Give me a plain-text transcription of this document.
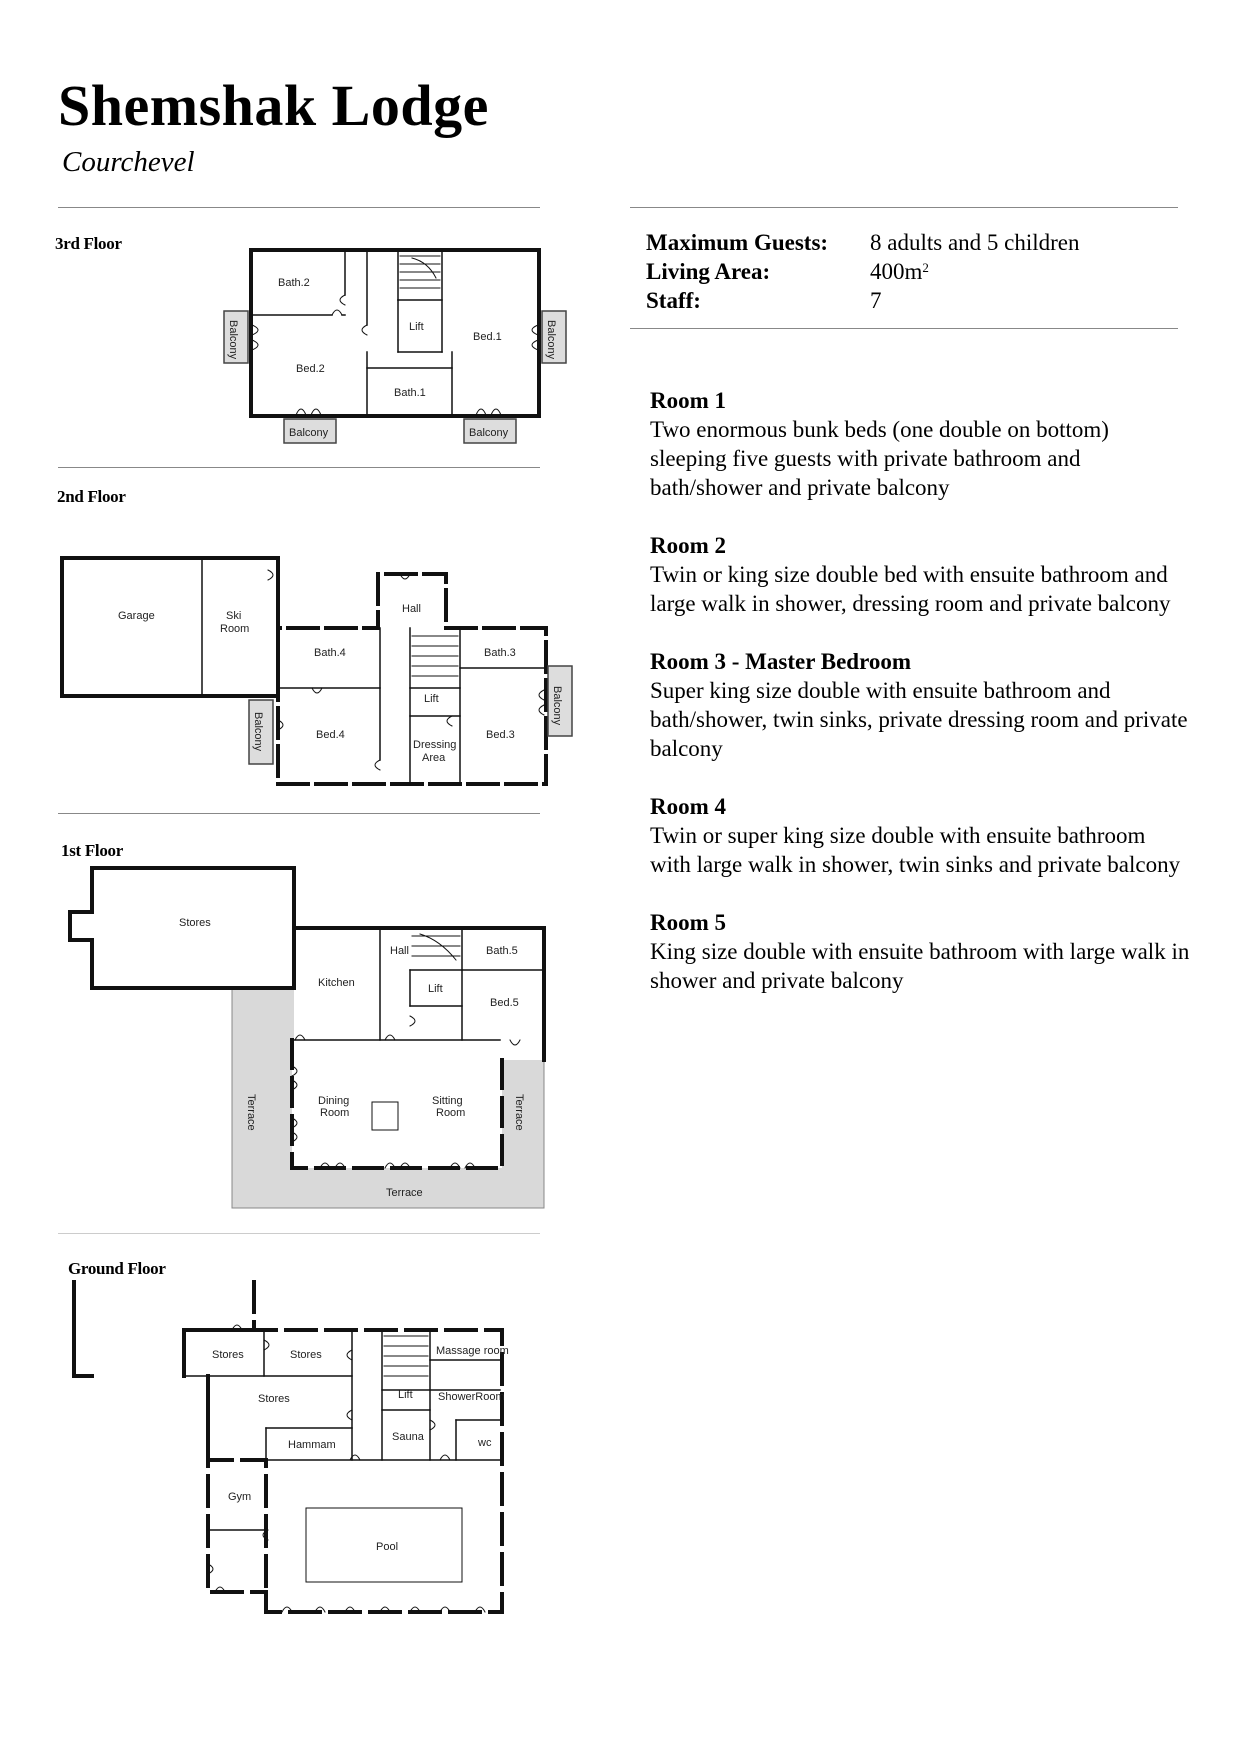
Shemshak Lodge
Courchevel
3rd Floor
2nd Floor
1st Floor
Ground Floor
Bath.2
Lift
Bed.1
Bed.2
Bath.1
Balcony	Balcony
Balcony	Balcony
Garage	Ski
Room
Hall
Bath.4	Bath.3
Lift
Bed.4
Dressing
Area
Bed.3
Balcony
Balcony
Stores
Hall	Bath.5
Kitchen	Lift
Bed.5
Dining
Room
Sitting
Room
Terrace	Terrace
Terrace
Stores	Stores	Massage room
Stores	Lift ShowerRoom
Hammam
Sauna	wc
Gym
Pool
Maximum Guests:	8 adults and 5 children
Living Area:	$400m^2$
Staff:	7
Room 1

Two enormous bunk beds (one double on bottom) sleeping five guests with private bathroom and bath/shower and private balcony

Room 2

Twin or king size double bed with ensuite bathroom and large walk in shower, dressing room and private balcony

Room 3 - Master Bedroom

Super king size double with ensuite bathroom and bath/shower, twin sinks, private dressing room and private balcony

Room 4

Twin or super king size double with ensuite bathroom with large walk in shower, twin sinks and private balcony

Room 5

King size double with ensuite bathroom with large walk in shower and private balcony
